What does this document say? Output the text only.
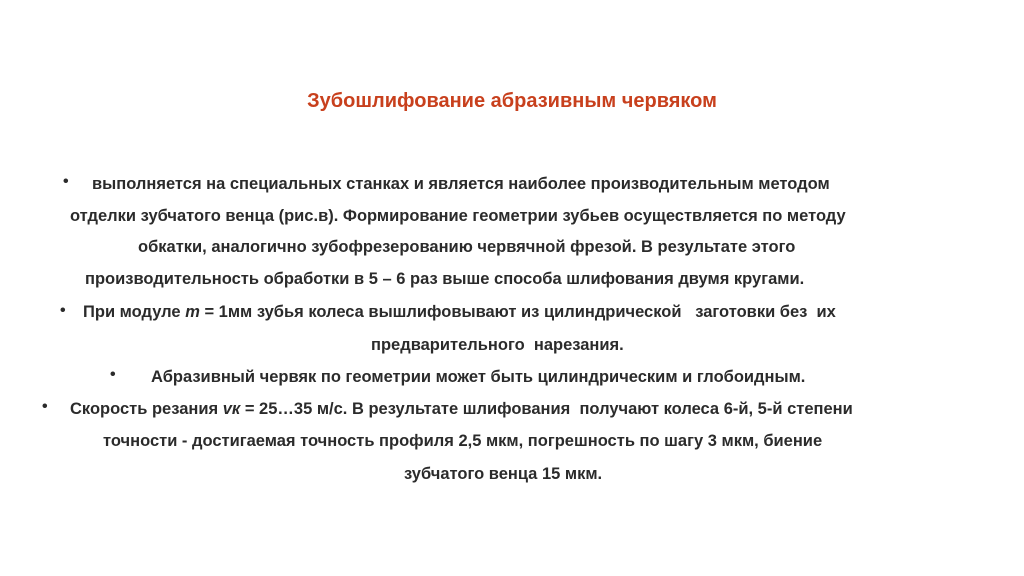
Зубошлифование абразивным червяком
• выполняется на специальных станках и является наиболее производительным методом
отделки зубчатого венца (рис.в). Формирование геометрии зубьев осуществляется по методу
обкатки, аналогично зубофрезерованию червячной фрезой. В результате этого
производительность обработки в 5 – 6 раз выше способа шлифования двумя кругами.
• При модуле m = 1мм зубья колеса вышлифовывают из цилиндрической   заготовки без  их
предварительного  нарезания.
• Абразивный червяк по геометрии может быть цилиндрическим и глобоидным.
• Скорость резания vк = 25…35 м/с. В результате шлифования  получают колеса 6-й, 5-й степени
точности - достигаемая точность профиля 2,5 мкм, погрешность по шагу 3 мкм, биение
зубчатого венца 15 мкм.
